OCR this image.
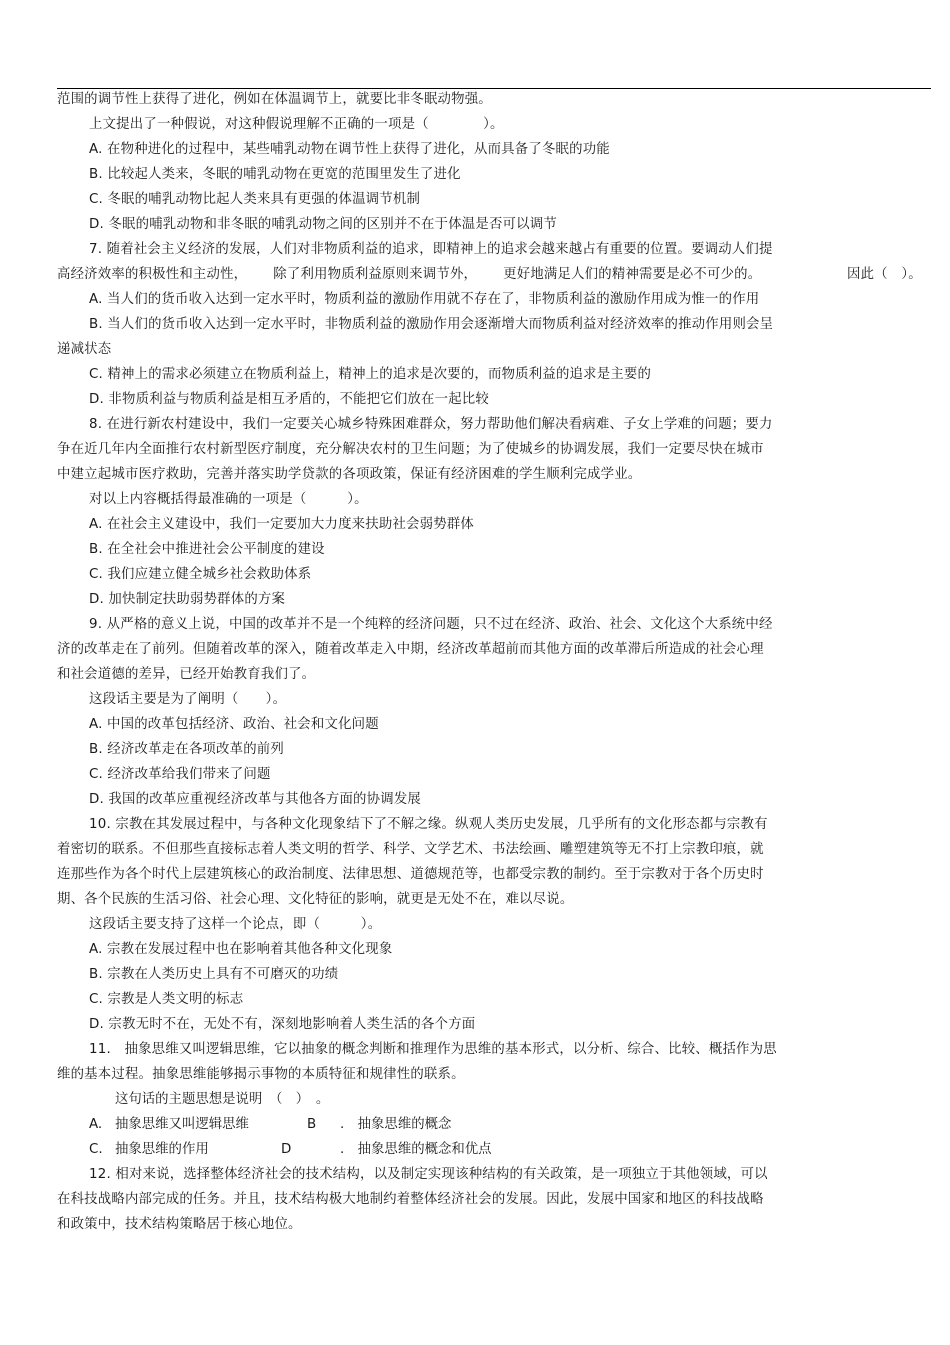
范围的调节性上获得了进化，例如在体温调节上，就要比非冬眠动物强。
上文提出了一种假说，对这种假说理解不正确的一项是（　　　　）。
A. 在物种进化的过程中，某些哺乳动物在调节性上获得了进化，从而具备了冬眠的功能
B. 比较起人类来，冬眠的哺乳动物在更宽的范围里发生了进化
C. 冬眠的哺乳动物比起人类来具有更强的体温调节机制
D. 冬眠的哺乳动物和非冬眠的哺乳动物之间的区别并不在于体温是否可以调节
7. 随着社会主义经济的发展，人们对非物质利益的追求，即精神上的追求会越来越占有重要的位置。要调动人们提
A. 当人们的货币收入达到一定水平时，物质利益的激励作用就不存在了，非物质利益的激励作用成为惟一的作用
B. 当人们的货币收入达到一定水平时，非物质利益的激励作用会逐渐增大而物质利益对经济效率的推动作用则会呈
递减状态
C. 精神上的需求必须建立在物质利益上，精神上的追求是次要的，而物质利益的追求是主要的
D. 非物质利益与物质利益是相互矛盾的，不能把它们放在一起比较
8. 在进行新农村建设中，我们一定要关心城乡特殊困难群众，努力帮助他们解决看病难、子女上学难的问题；要力
争在近几年内全面推行农村新型医疗制度，充分解决农村的卫生问题；为了使城乡的协调发展，我们一定要尽快在城市
中建立起城市医疗救助，完善并落实助学贷款的各项政策，保证有经济困难的学生顺利完成学业。
对以上内容概括得最准确的一项是（　　　）。
A. 在社会主义建设中，我们一定要加大力度来扶助社会弱势群体
B. 在全社会中推进社会公平制度的建设
C. 我们应建立健全城乡社会救助体系
D. 加快制定扶助弱势群体的方案
9. 从严格的意义上说，中国的改革并不是一个纯粹的经济问题，只不过在经济、政治、社会、文化这个大系统中经
济的改革走在了前列。但随着改革的深入，随着改革走入中期，经济改革超前而其他方面的改革滞后所造成的社会心理
和社会道德的差异，已经开始教育我们了。
这段话主要是为了阐明（　　）。
A. 中国的改革包括经济、政治、社会和文化问题
B. 经济改革走在各项改革的前列
C. 经济改革给我们带来了问题
D. 我国的改革应重视经济改革与其他各方面的协调发展
10. 宗教在其发展过程中，与各种文化现象结下了不解之缘。纵观人类历史发展，几乎所有的文化形态都与宗教有
着密切的联系。不但那些直接标志着人类文明的哲学、科学、文学艺术、书法绘画、雕塑建筑等无不打上宗教印痕，就
连那些作为各个时代上层建筑核心的政治制度、法律思想、道德规范等，也都受宗教的制约。至于宗教对于各个历史时
期、各个民族的生活习俗、社会心理、文化特征的影响，就更是无处不在，难以尽说。
这段话主要支持了这样一个论点，即（　　　）。
A. 宗教在发展过程中也在影响着其他各种文化现象
B. 宗教在人类历史上具有不可磨灭的功绩
C. 宗教是人类文明的标志
D. 宗教无时不在，无处不有，深刻地影响着人类生活的各个方面
11.　抽象思维又叫逻辑思维，它以抽象的概念判断和推理作为思维的基本形式，以分析、综合、比较、概括作为思
维的基本过程。抽象思维能够揭示事物的本质特征和规律性的联系。
12. 相对来说，选择整体经济社会的技术结构，以及制定实现该种结构的有关政策，是一项独立于其他领域，可以
在科技战略内部完成的任务。并且，技术结构极大地制约着整体经济社会的发展。因此，发展中国家和地区的科技战略
和政策中，技术结构策略居于核心地位。
高经济效率的积极性和主动性， 除了利用物质利益原则来调节外， 更好地满足人们的精神需要是必不可少的。	因此（　）。
这句话的主题思想是说明　（　）　。
A. 抽象思维又叫逻辑思维	B .　抽象思维的概念
C. 抽象思维的作用	D	.　抽象思维的概念和优点
